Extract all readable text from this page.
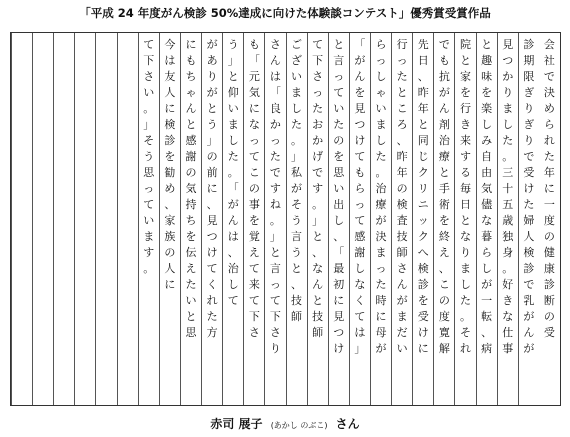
「平成 24 年度がん検診 50%達成に向けた体験談コンテスト」優秀賞受賞作品
会
社
で
決
め
ら
れ
た
年
に
一
度
の
健
康
診
断
の
受
診
期
限
ぎ
り
ぎ
り
で
受
け
た
婦
人
検
診
で
乳
が
ん
が
見
つ
か
り
ま
し
た
。
三
十
五
歳
独
身
。
好
き
な
仕
事
と
趣
味
を
楽
し
み
自
由
気
儘
な
暮
ら
し
が
一
転
、
病
院
と
家
を
行
き
来
す
る
毎
日
と
な
り
ま
し
た
。
そ
れ
で
も
抗
が
ん
剤
治
療
と
手
術
を
終
え
、
こ
の
度
寛
解
先
日
、
昨
年
と
同
じ
ク
リ
ニ
ッ
ク
へ
検
診
を
受
け
に
行
っ
た
と
こ
ろ
、
昨
年
の
検
査
技
師
さ
ん
が
ま
だ
い
ら
っ
し
ゃ
い
ま
し
た
。
治
療
が
決
ま
っ
た
時
に
母
が
「
が
ん
を
見
つ
け
て
も
ら
っ
て
感
謝
し
な
く
て
は
」
と
言
っ
て
い
た
の
を
思
い
出
し
、
「
最
初
に
見
つ
け
て
下
さ
っ
た
お
か
げ
で
す
。
」
と
、
な
ん
と
技
師
ご
ざ
い
ま
し
た
。
」
私
が
そ
う
言
う
と
、
技
師
さ
ん
は
「
良
か
っ
た
で
す
ね
。
」
と
言
っ
て
下
さ
り
も
「
元
気
に
な
っ
て
こ
の
事
を
覚
え
て
来
て
下
さ
う
」
と
仰
い
ま
し
た
。
「
が
ん
は
、
治
し
て
が
あ
り
が
と
う
」
の
前
に
、
見
つ
け
て
く
れ
た
方
に
も
ち
ゃ
ん
と
感
謝
の
気
持
ち
を
伝
え
た
い
と
思
今
は
友
人
に
検
診
を
勧
め
、
家
族
の
人
に
て
下
さ
い
。
」
そ
う
思
っ
て
い
ま
す
。
赤司 展子 (あかし のぶこ) さん
